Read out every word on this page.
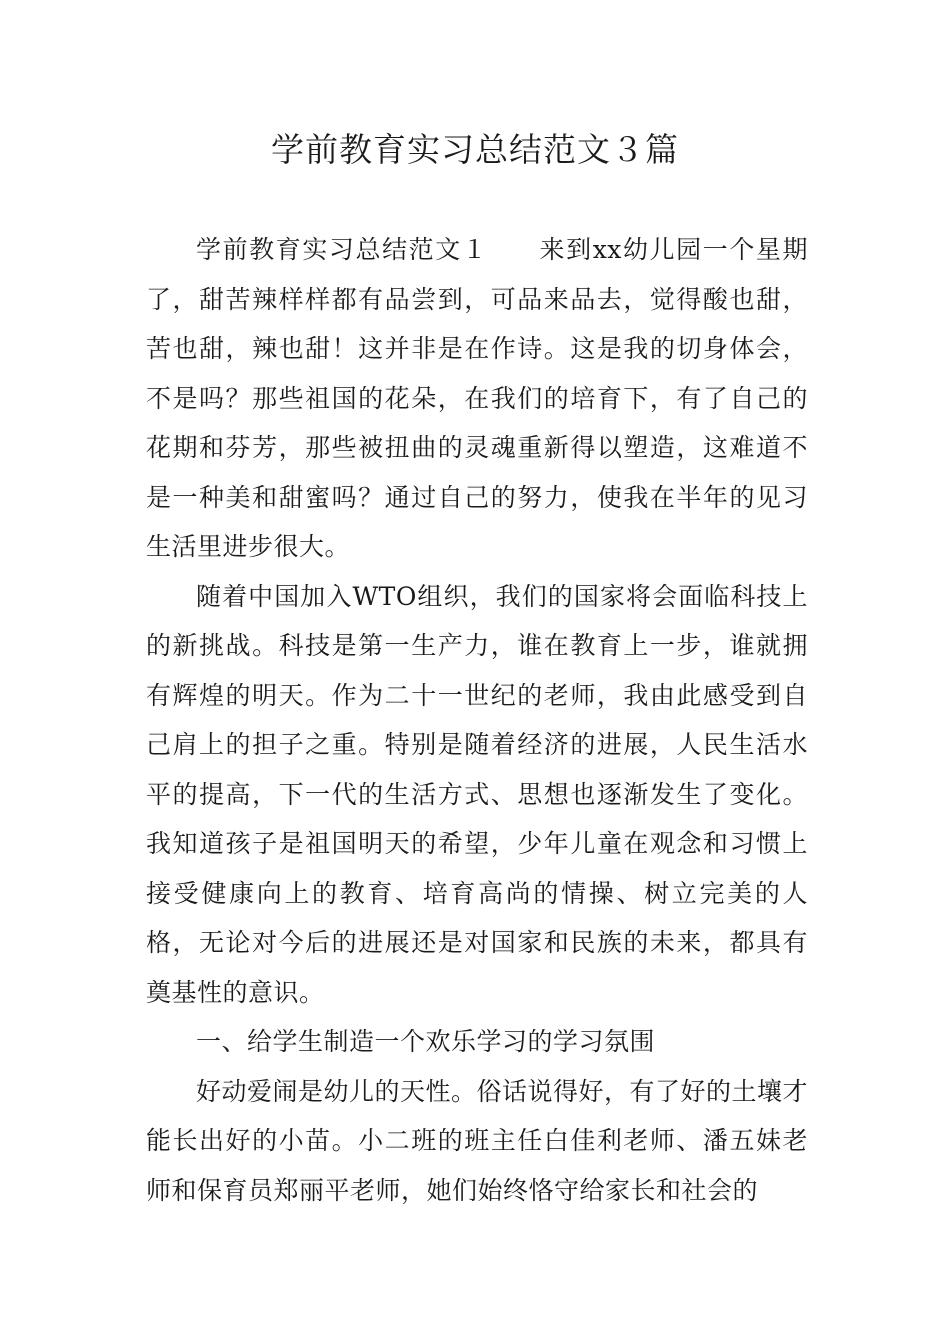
学前教育实习总结范文３篇

学前教育实习总结范文１ 来到xx幼儿园一个星期了，甜苦辣样样都有品尝到，可品来品去，觉得酸也甜，苦也甜，辣也甜！这并非是在作诗。这是我的切身体会，不是吗？那些祖国的花朵，在我们的培育下，有了自己的花期和芬芳，那些被扭曲的灵魂重新得以塑造，这难道不是一种美和甜蜜吗？通过自己的努力，使我在半年的见习生活里进步很大。

随着中国加入WTO组织，我们的国家将会面临科技上的新挑战。科技是第一生产力，谁在教育上一步，谁就拥有辉煌的明天。作为二十一世纪的老师，我由此感受到自己肩上的担子之重。特别是随着经济的进展，人民生活水平的提高，下一代的生活方式、思想也逐渐发生了变化。我知道孩子是祖国明天的希望，少年儿童在观念和习惯上接受健康向上的教育、培育高尚的情操、树立完美的人格，无论对今后的进展还是对国家和民族的未来，都具有奠基性的意识。

一、给学生制造一个欢乐学习的学习氛围

好动爱闹是幼儿的天性。俗话说得好，有了好的土壤才能长出好的小苗。小二班的班主任白佳利老师、潘五妹老师和保育员郑丽平老师，她们始终恪守给家长和社会的
